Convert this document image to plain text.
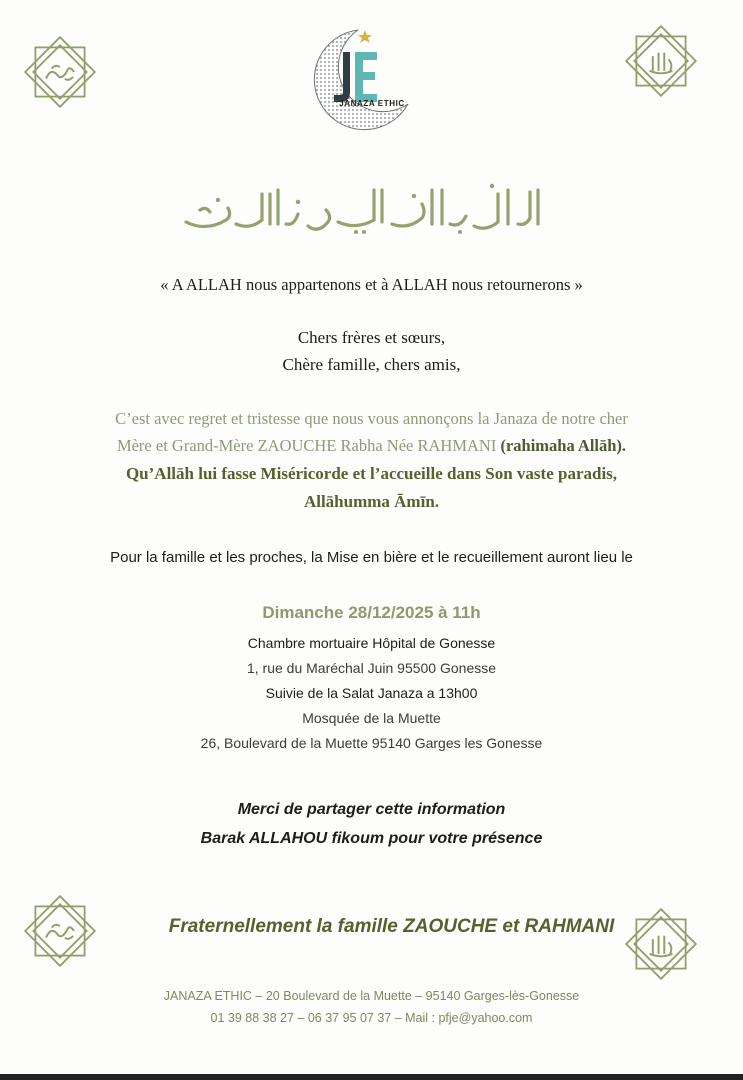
JANAZA ETHIC
« A ALLAH nous appartenons et à ALLAH nous retournerons »
Chers frères et sœurs,
Chère famille, chers amis,
C’est avec regret et tristesse que nous vous annonçons la Janaza de notre cher
Mère et Grand-Mère ZAOUCHE Rabha Née RAHMANI (rahimaha Allāh).
Qu’Allāh lui fasse Miséricorde et l’accueille dans Son vaste paradis,
Allāhumma Āmīn.
Pour la famille et les proches, la Mise en bière et le recueillement auront lieu le
Dimanche 28/12/2025 à 11h
Chambre mortuaire Hôpital de Gonesse
1, rue du Maréchal Juin 95500 Gonesse
Suivie de la Salat Janaza a 13h00
Mosquée de la Muette
26, Boulevard de la Muette 95140 Garges les Gonesse
Merci de partager cette information
Barak ALLAHOU fikoum pour votre présence
Fraternellement la famille ZAOUCHE et RAHMANI
JANAZA ETHIC – 20 Boulevard de la Muette – 95140 Garges-lès-Gonesse
01 39 88 38 27 – 06 37 95 07 37 – Mail : pfje@yahoo.com
